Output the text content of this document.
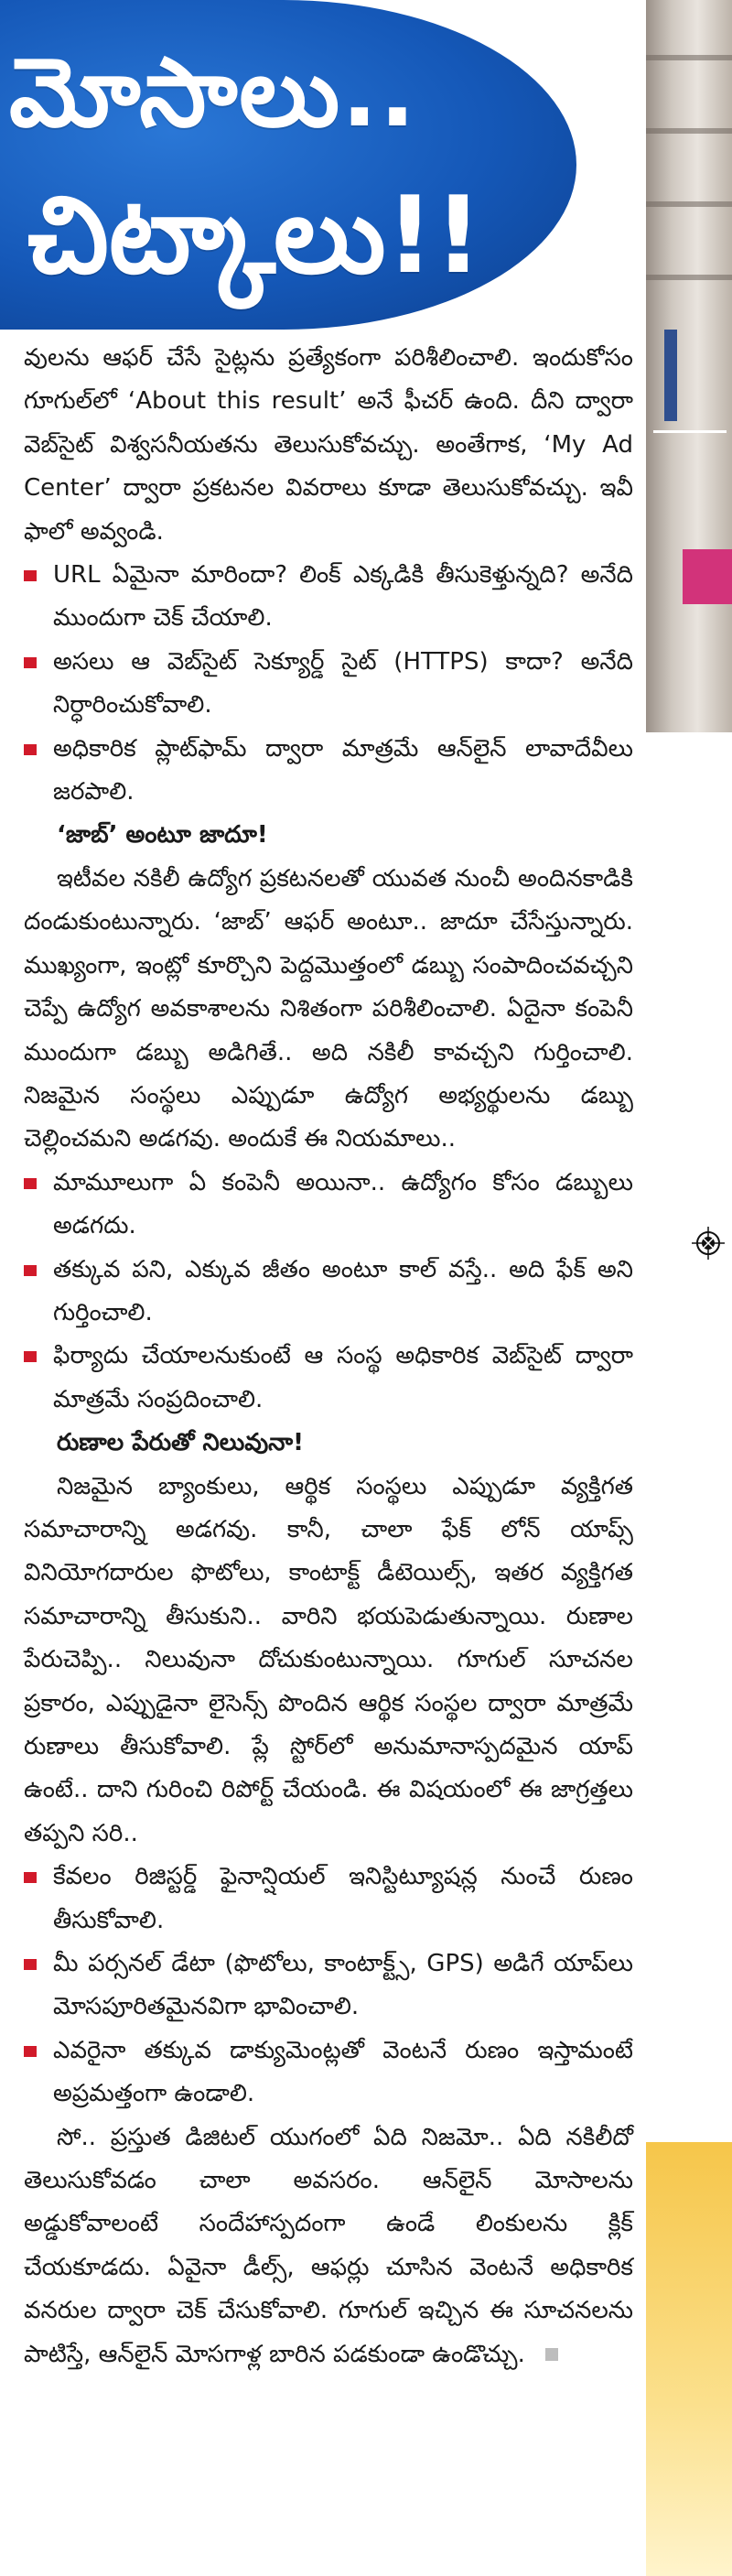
మోసాలు..
చిట్కాలు!!

వులను ఆఫర్ చేసే సైట్లను ప్రత్యేకంగా పరిశీలించాలి. ఇందుకోసం గూగుల్‌లో ‘About this result’ అనే ఫీచర్ ఉంది. దీని ద్వారా వెబ్‌సైట్ విశ్వసనీయతను తెలుసుకోవచ్చు. అంతేగాక, ‘My Ad Center’ ద్వారా ప్రకటనల వివరాలు కూడా తెలుసుకోవచ్చు. ఇవీ ఫాలో అవ్వండి.

URL ఏమైనా మారిందా? లింక్ ఎక్కడికి తీసుకెళ్తున్నది? అనేది ముందుగా చెక్ చేయాలి.
అసలు ఆ వెబ్‌సైట్ సెక్యూర్డ్ సైట్ (HTTPS) కాదా? అనేది నిర్ధారించుకోవాలి.
అధికారిక ప్లాట్‌ఫామ్ ద్వారా మాత్రమే ఆన్‌లైన్ లావాదేవీలు జరపాలి.

‘జాబ్’ అంటూ జాదూ!

ఇటీవల నకిలీ ఉద్యోగ ప్రకటనలతో యువత నుంచీ అందినకాడికి దండుకుంటున్నారు. ‘జాబ్’ ఆఫర్ అంటూ.. జాదూ చేసేస్తున్నారు. ముఖ్యంగా, ఇంట్లో కూర్చొని పెద్దమొత్తంలో డబ్బు సంపాదించవచ్చని చెప్పే ఉద్యోగ అవకాశాలను నిశితంగా పరిశీలించాలి. ఏదైనా కంపెనీ ముందుగా డబ్బు అడిగితే.. అది నకిలీ కావచ్చని గుర్తించాలి. నిజమైన సంస్థలు ఎప్పుడూ ఉద్యోగ అభ్యర్థులను డబ్బు చెల్లించమని అడగవు. అందుకే ఈ నియమాలు..

మామూలుగా ఏ కంపెనీ అయినా.. ఉద్యోగం కోసం డబ్బులు అడగదు.
తక్కువ పని, ఎక్కువ జీతం అంటూ కాల్ వస్తే.. అది ఫేక్ అని గుర్తించాలి.
ఫిర్యాదు చేయాలనుకుంటే ఆ సంస్థ అధికారిక వెబ్‌సైట్ ద్వారా మాత్రమే సంప్రదించాలి.

రుణాల పేరుతో నిలువునా!

నిజమైన బ్యాంకులు, ఆర్థిక సంస్థలు ఎప్పుడూ వ్యక్తిగత సమాచారాన్ని అడగవు. కానీ, చాలా ఫేక్ లోన్ యాప్స్ వినియోగదారుల ఫొటోలు, కాంటాక్ట్ డీటెయిల్స్, ఇతర వ్యక్తిగత సమాచారాన్ని తీసుకుని.. వారిని భయపెడుతున్నాయి. రుణాల పేరుచెప్పి.. నిలువునా దోచుకుంటున్నాయి. గూగుల్ సూచనల ప్రకారం, ఎప్పుడైనా లైసెన్స్ పొందిన ఆర్థిక సంస్థల ద్వారా మాత్రమే రుణాలు తీసుకోవాలి. ప్లే స్టోర్‌లో అనుమానాస్పదమైన యాప్ ఉంటే.. దాని గురించి రిపోర్ట్ చేయండి. ఈ విషయంలో ఈ జాగ్రత్తలు తప్పని సరి..

కేవలం రిజిస్టర్డ్ ఫైనాన్షియల్ ఇనిస్టిట్యూషన్ల నుంచే రుణం తీసుకోవాలి.
మీ పర్సనల్ డేటా (ఫొటోలు, కాంటాక్ట్స్, GPS) అడిగే యాప్‌లు మోసపూరితమైనవిగా భావించాలి.
ఎవరైనా తక్కువ డాక్యుమెంట్లతో వెంటనే రుణం ఇస్తామంటే అప్రమత్తంగా ఉండాలి.

సో.. ప్రస్తుత డిజిటల్ యుగంలో ఏది నిజమో.. ఏది నకిలీదో తెలుసుకోవడం చాలా అవసరం. ఆన్‌లైన్ మోసాలను అడ్డుకోవాలంటే సందేహాస్పదంగా ఉండే లింకులను క్లిక్ చేయకూడదు. ఏవైనా డీల్స్, ఆఫర్లు చూసిన వెంటనే అధికారిక వనరుల ద్వారా చెక్ చేసుకోవాలి. గూగుల్ ఇచ్చిన ఈ సూచనలను పాటిస్తే, ఆన్‌లైన్ మోసగాళ్ల బారిన పడకుండా ఉండొచ్చు.
